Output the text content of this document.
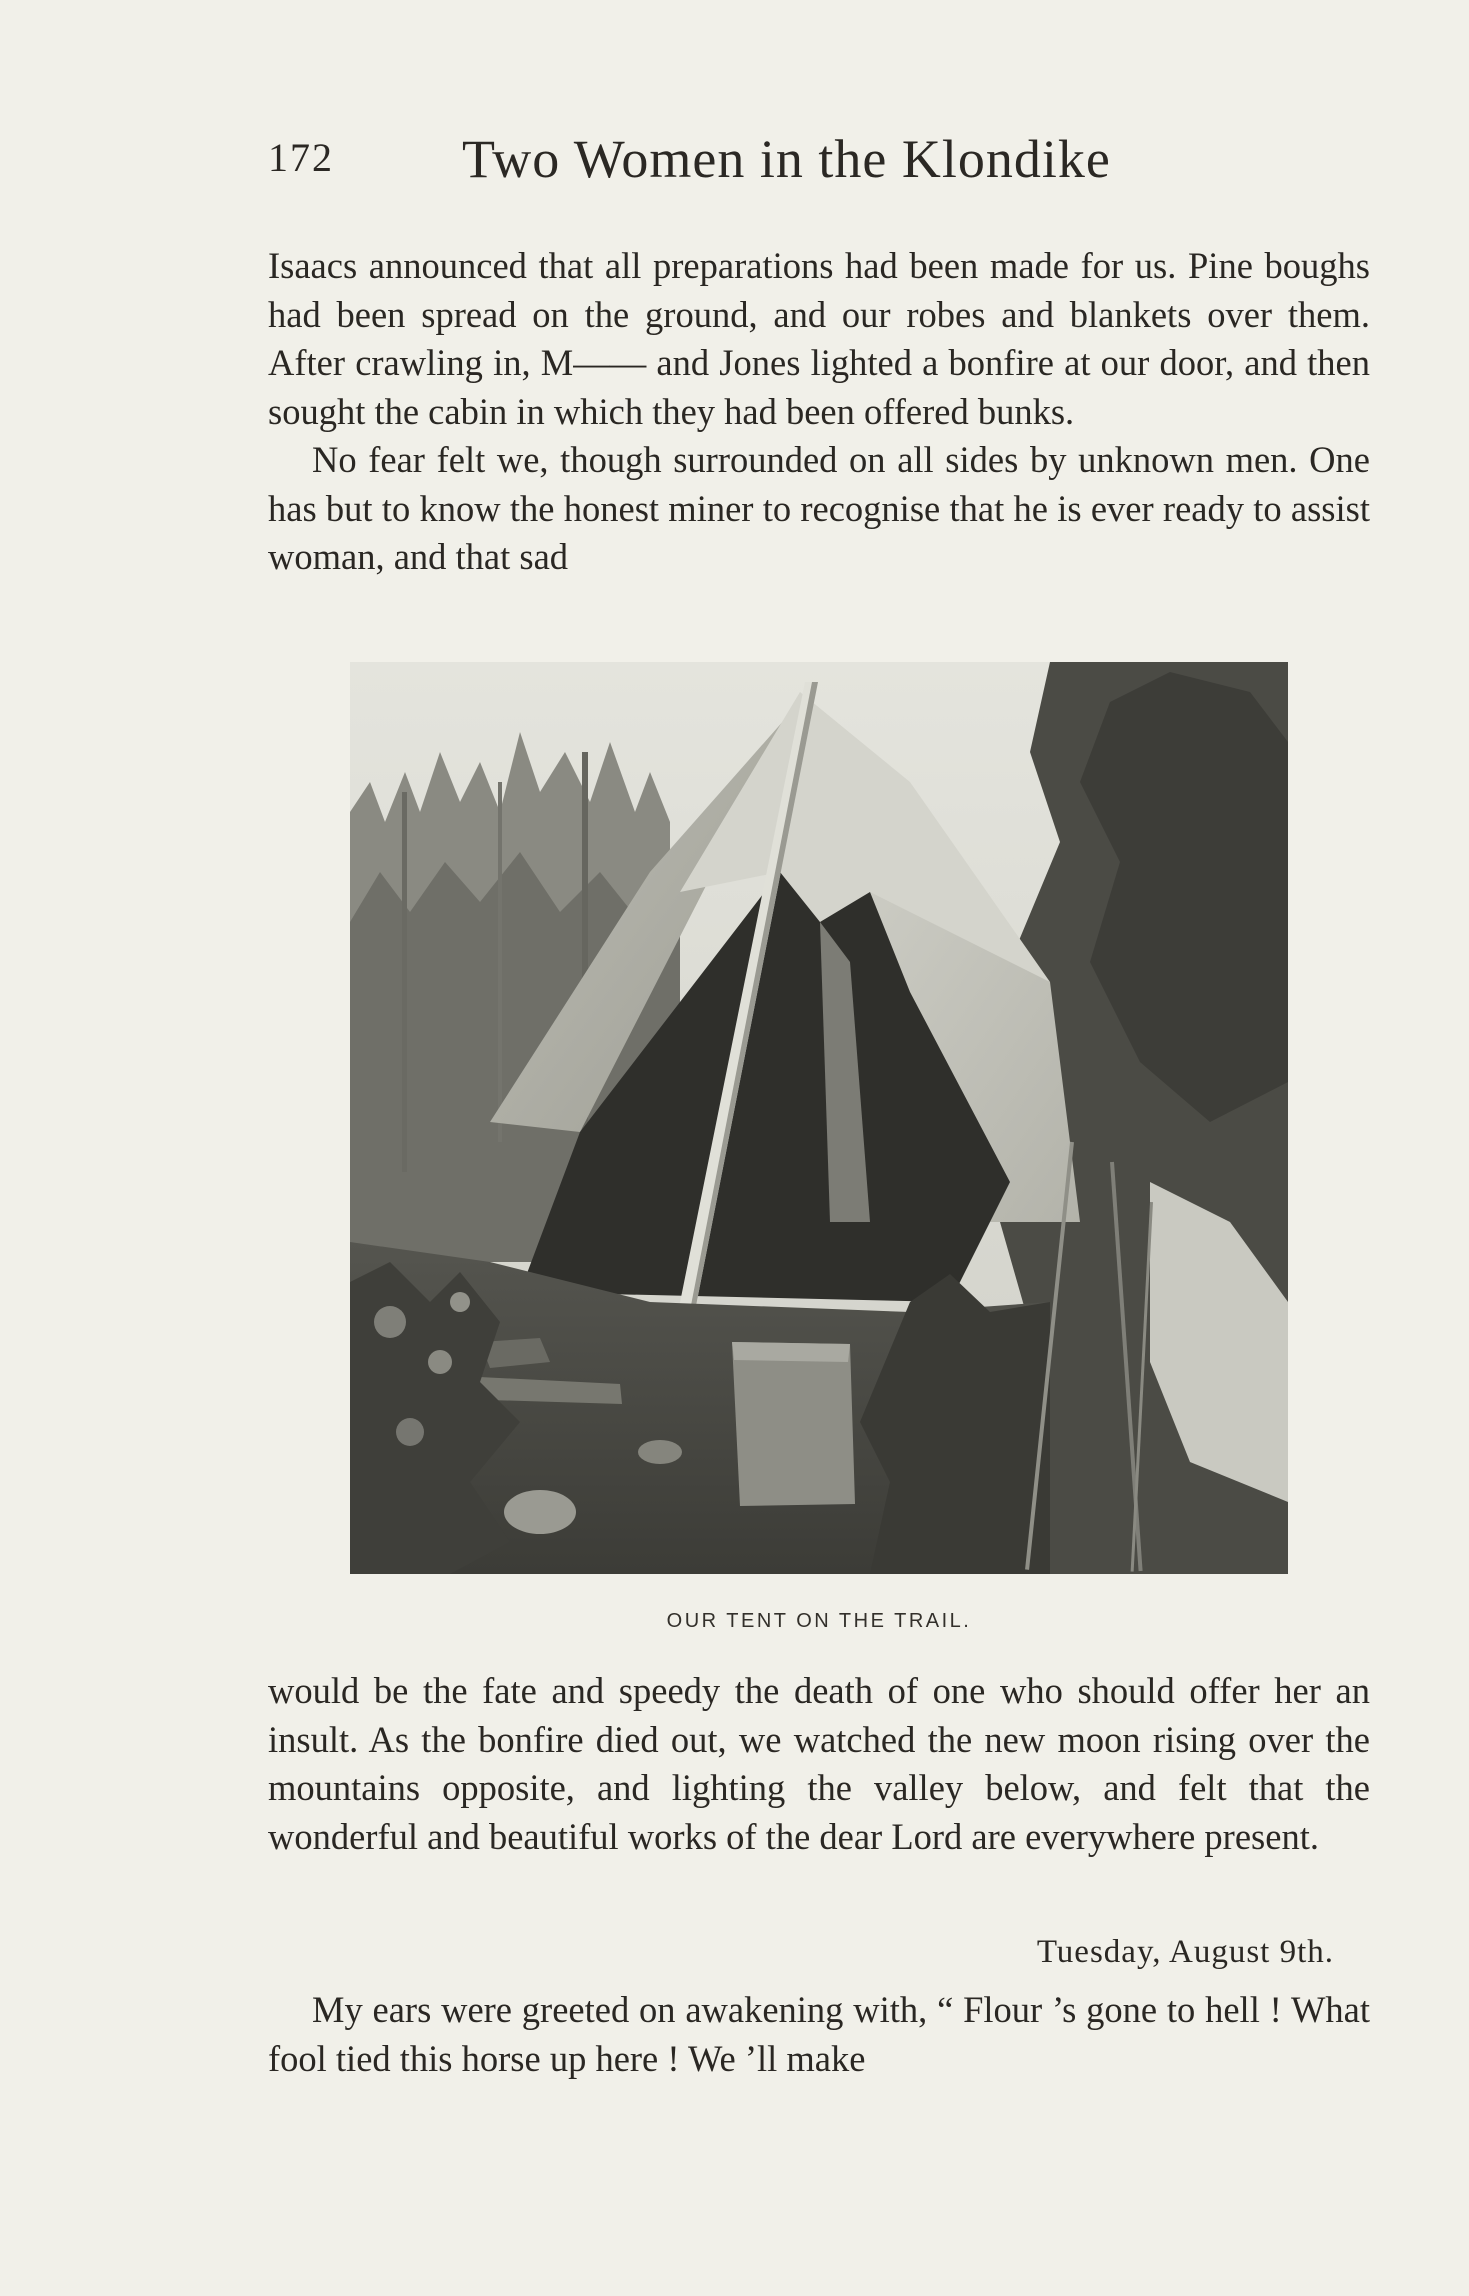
172 Two Women in the Klondike

Isaacs announced that all preparations had been made for us. Pine boughs had been spread on the ground, and our robes and blankets over them. After crawling in, M—— and Jones lighted a bonfire at our door, and then sought the cabin in which they had been offered bunks.

No fear felt we, though surrounded on all sides by unknown men. One has but to know the honest miner to recognise that he is ever ready to assist woman, and that sad

OUR TENT ON THE TRAIL.

would be the fate and speedy the death of one who should offer her an insult. As the bonfire died out, we watched the new moon rising over the mountains opposite, and lighting the valley below, and felt that the wonderful and beautiful works of the dear Lord are everywhere present.

Tuesday, August 9th.

My ears were greeted on awakening with, “ Flour ’s gone to hell ! What fool tied this horse up here ! We ’ll make
